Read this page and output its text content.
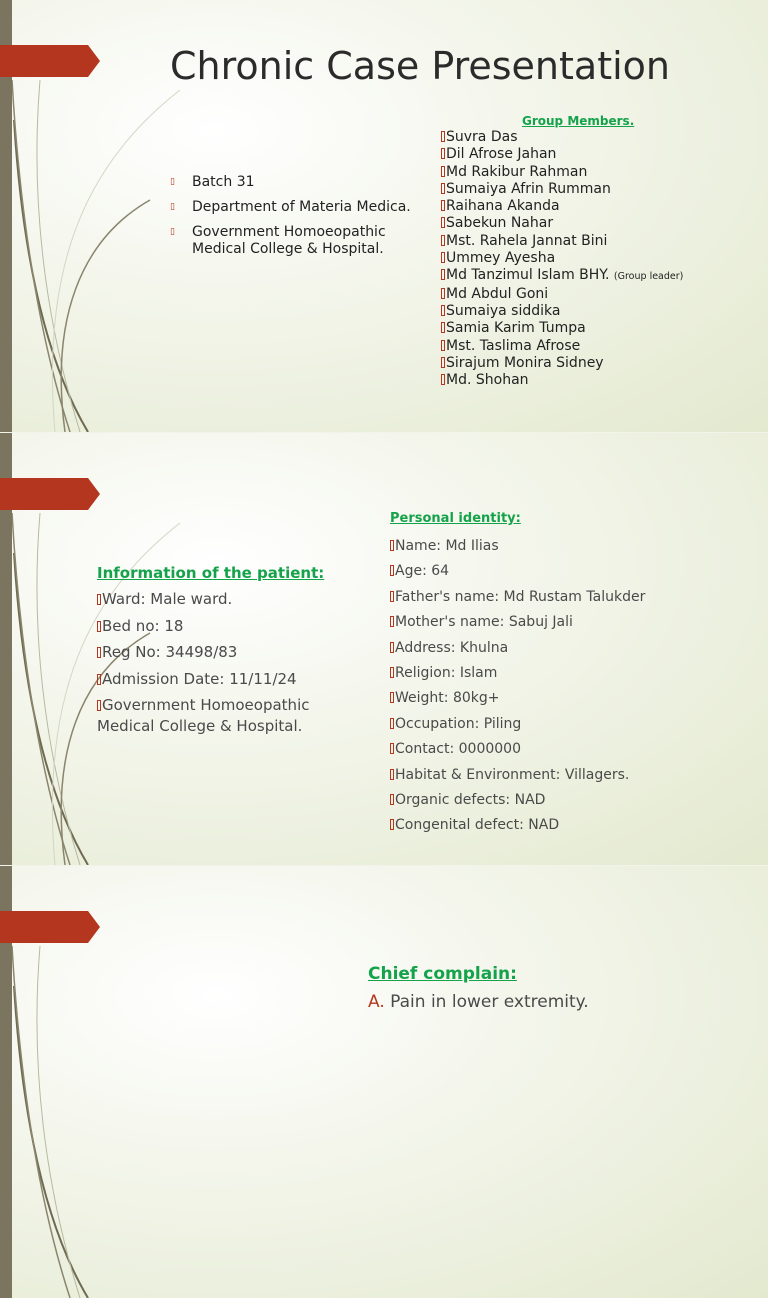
Chronic Case Presentation
▯ Batch 31
▯ Department of Materia Medica.
▯ Government Homoeopathic Medical College & Hospital.
Group Members.
Suvra Das
Dil Afrose Jahan
Md Rakibur Rahman
Sumaiya Afrin Rumman
Raihana Akanda
Sabekun Nahar
Mst. Rahela Jannat Bini
Ummey Ayesha
Md Tanzimul Islam BHY. (Group leader)
Md Abdul Goni
Sumaiya siddika
Samia Karim Tumpa
Mst. Taslima Afrose
Sirajum Monira Sidney
Md. Shohan
Information of the patient:
Ward: Male ward.
Bed no: 18
Reg No: 34498/83
Admission Date: 11/11/24
Government Homoeopathic Medical College & Hospital.
Personal identity:
Name: Md Ilias
Age: 64
Father's name: Md Rustam Talukder
Mother's name: Sabuj Jali
Address: Khulna
Religion: Islam
Weight: 80kg+
Occupation: Piling
Contact: 0000000
Habitat & Environment: Villagers.
Organic defects: NAD
Congenital defect: NAD
Chief complain:
A. Pain in lower extremity.
